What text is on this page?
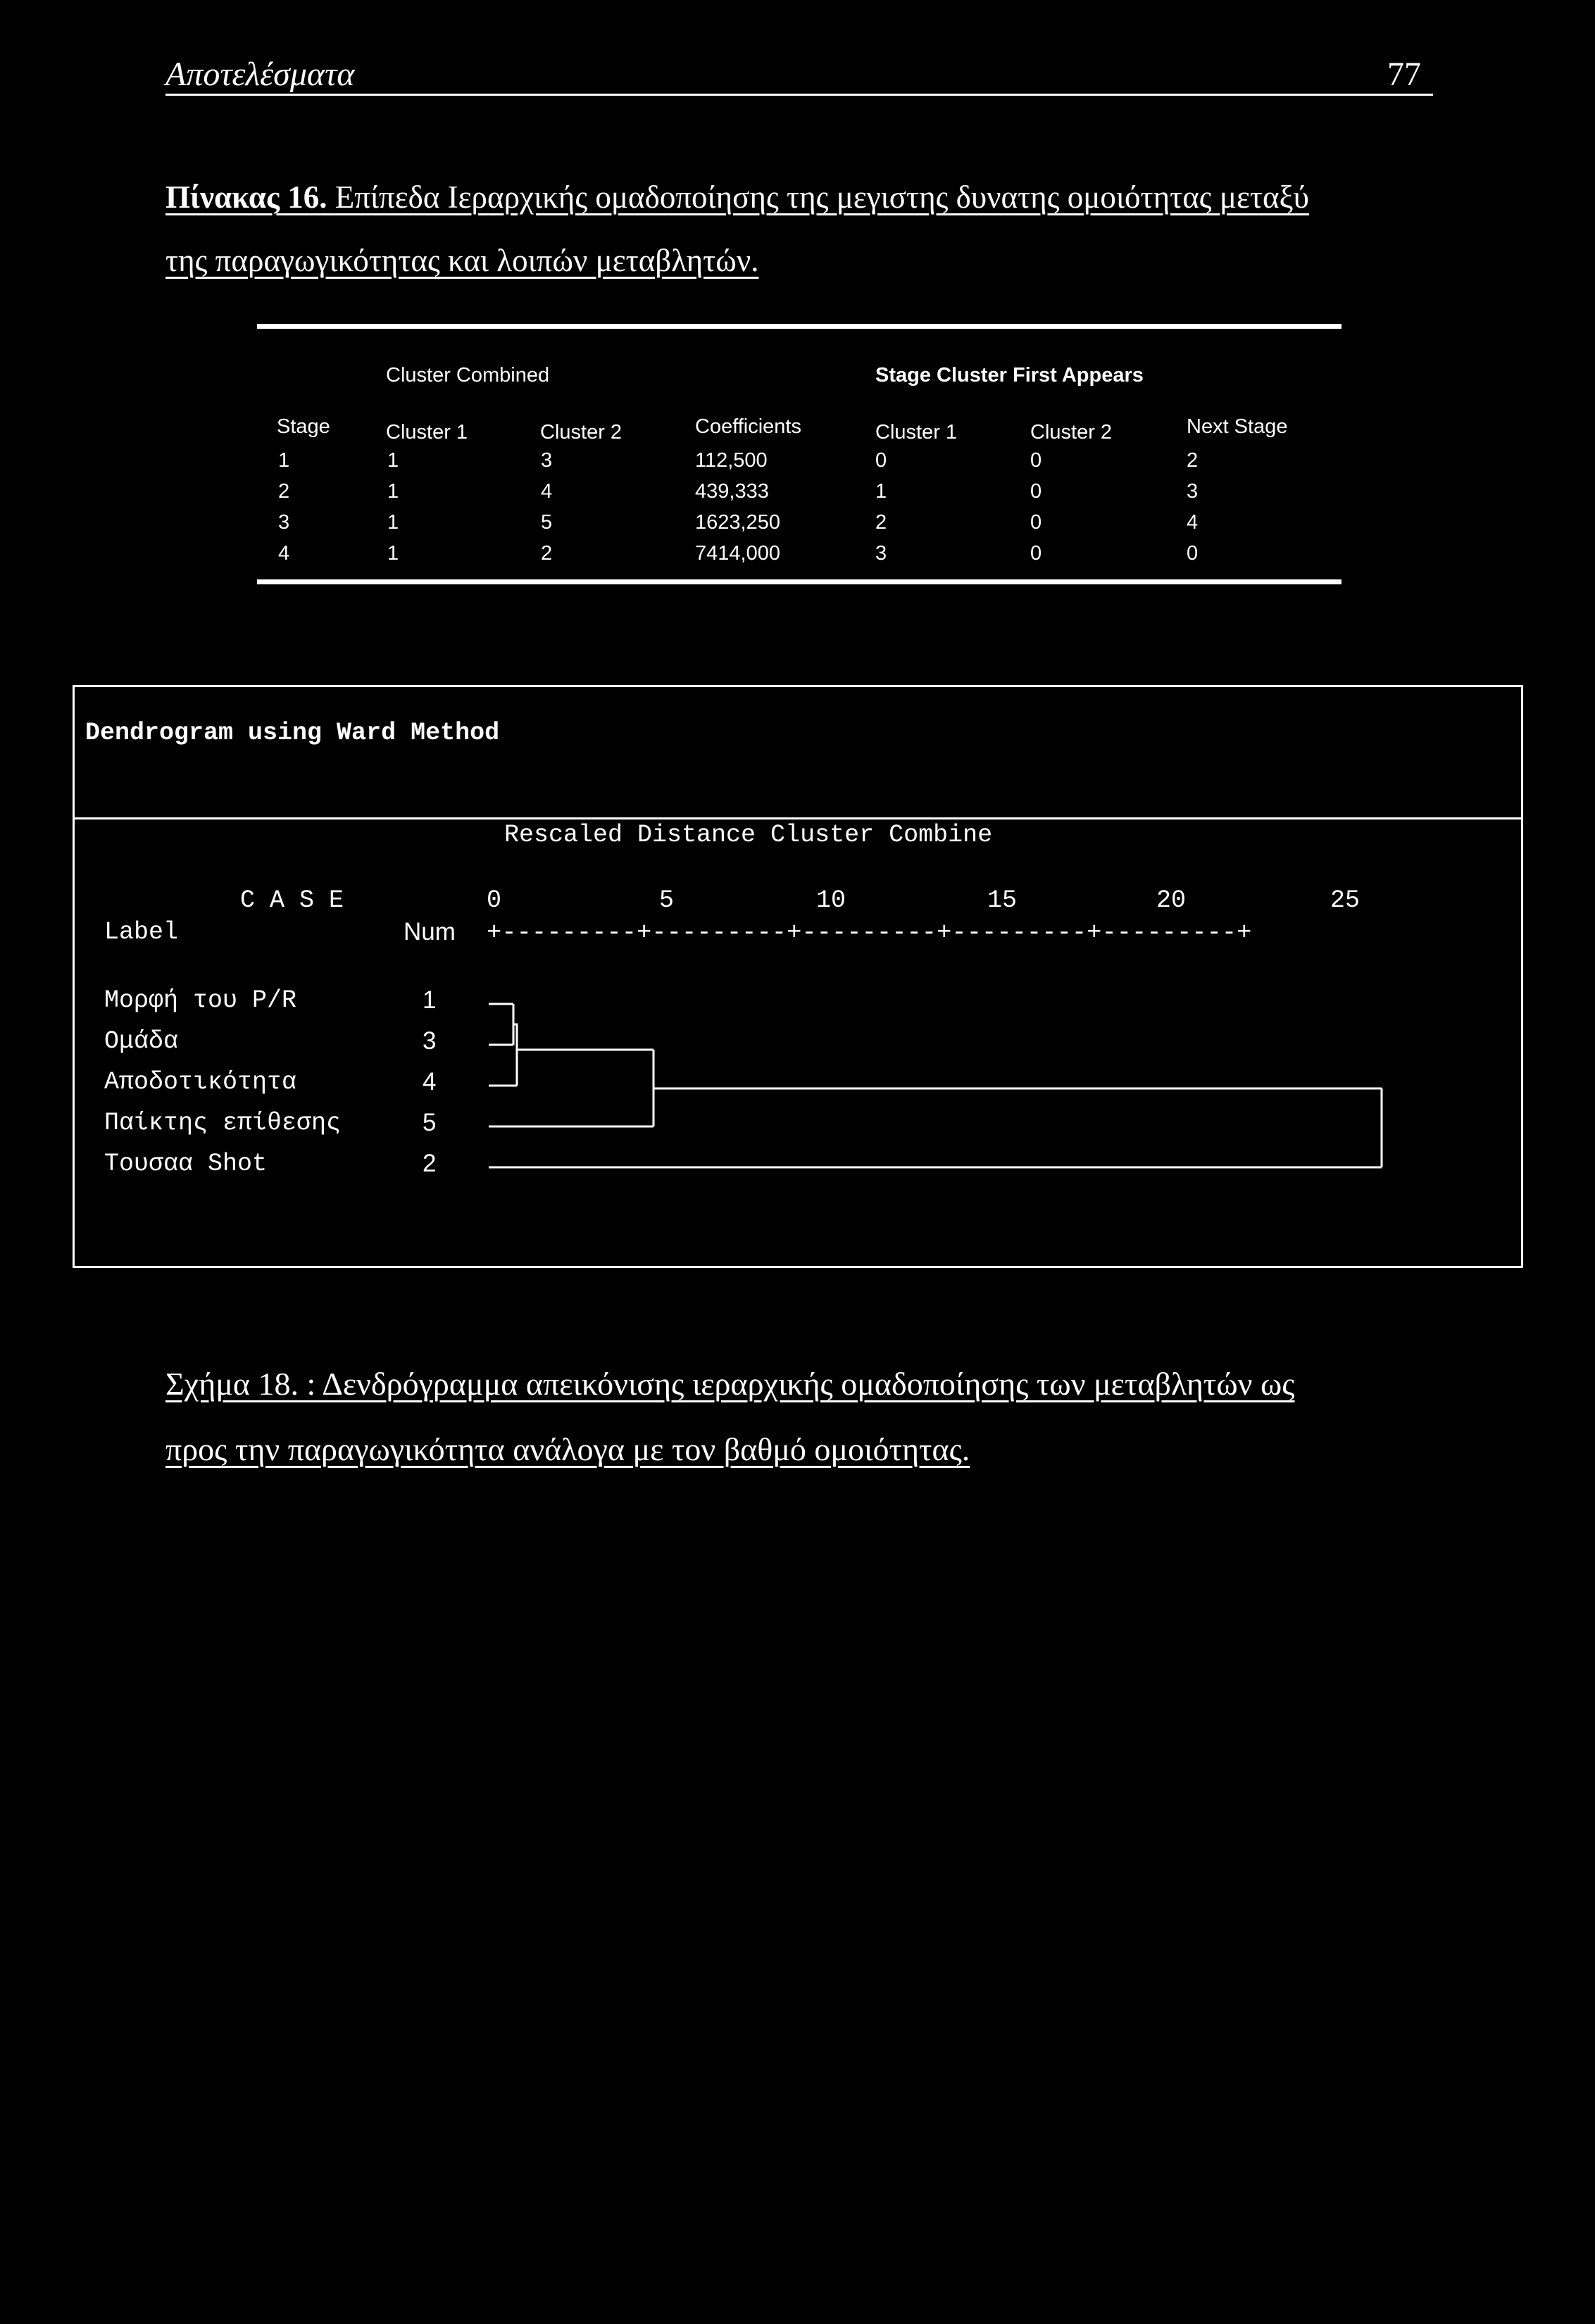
Αποτελέσματα	77
Πίνακας 16. Επίπεδα Ιεραρχικής ομαδοποίησης της μεγιστης δυνατης ομοιότητας μεταξύ
της παραγωγικότητας και λοιπών μεταβλητών.
Cluster Combined	Stage Cluster First Appears
Stage	Cluster 1	Cluster 2	Coefficients	Cluster 1	Cluster 2	Next Stage
1	1	3	112,500	0	0	2
2	1	4	439,333	1	0	3
3	1	5	1623,250	2	0	4
4	1	2	7414,000	3	0	0
Dendrogram using Ward Method
Rescaled Distance Cluster Combine
C A S E
Label	Num
0	5	10	15	20	25
+---------+---------+---------+---------+---------+
Μορφή του P/R	1
Ομάδα	3
Αποδοτικότητα	4
Παίκτης επίθεσης	5
Τουσαα Shot	2
Σχήμα 18. : Δενδρόγραμμα απεικόνισης ιεραρχικής ομαδοποίησης των μεταβλητών ως
προς την παραγωγικότητα ανάλογα με τον βαθμό ομοιότητας.
